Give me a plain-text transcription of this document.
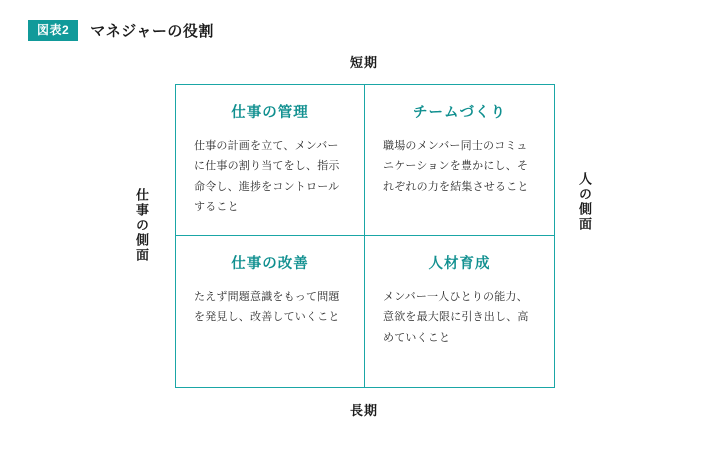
図表2	マネジャーの役割
短期
長期
仕事の側面	人の側面
仕事の管理
仕事の計画を立て、メンバーに仕事の割り当てをし、指示命令し、進捗をコントロールすること
チームづくり
職場のメンバー同士のコミュニケーションを豊かにし、それぞれの力を結集させること
仕事の改善
たえず問題意識をもって問題を発見し、改善していくこと
人材育成
メンバー一人ひとりの能力、意欲を最大限に引き出し、高めていくこと
